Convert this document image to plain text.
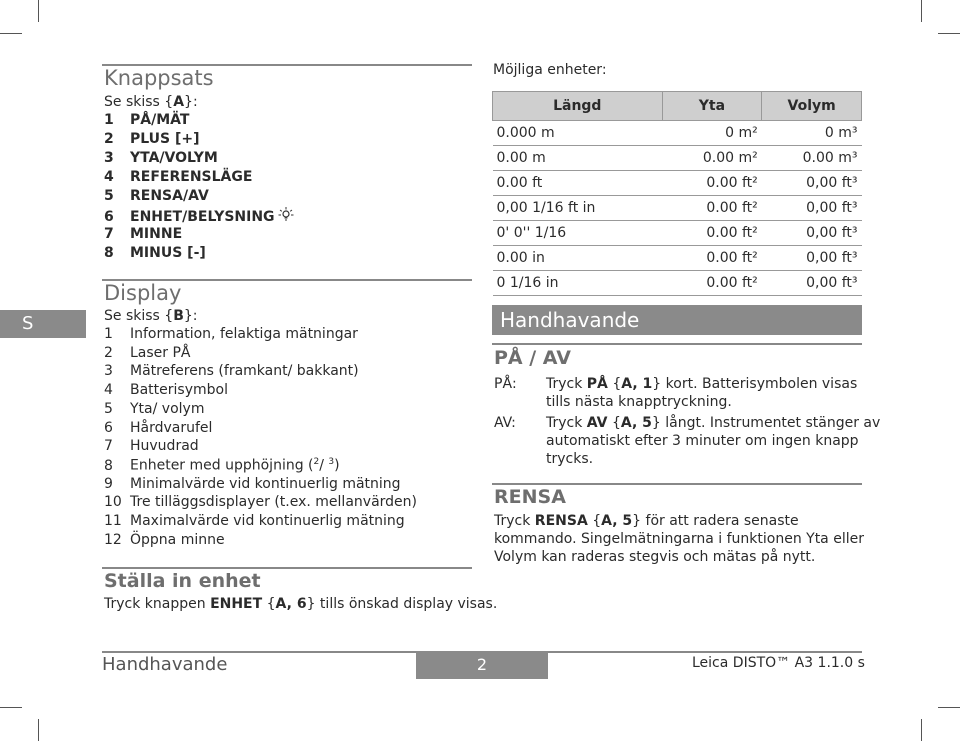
S
Knappsats
Se skiss {A}:
1 PÅ/MÄT
2 PLUS [+]
3 YTA/VOLYM
4 REFERENSLÄGE
5 RENSA/AV
6 ENHET/BELYSNING
7 MINNE
8 MINUS [-]
Display
Se skiss {B}:
1 Information, felaktiga mätningar
2 Laser PÅ
3 Mätreferens (framkant/ bakkant)
4 Batterisymbol
5 Yta/ volym
6 Hårdvarufel
7 Huvudrad
8 Enheter med upphöjning ($^2$/ $^3$)
9 Minimalvärde vid kontinuerlig mätning
10 Tre tilläggsdisplayer (t.ex. mellanvärden)
11 Maximalvärde vid kontinuerlig mätning
12 Öppna minne
Ställa in enhet
Tryck knappen ENHET {A, 6} tills önskad display visas.
Möjliga enheter:
Längd	Yta	Volym
0.000 m	0 m²	0 m³
0.00 m	0.00 m²	0.00 m³
0.00 ft	0.00 ft²	0,00 ft³
0,00 1/16 ft in	0.00 ft²	0,00 ft³
0' 0'' 1/16	0.00 ft²	0,00 ft³
0.00 in	0.00 ft²	0,00 ft³
0 1/16 in	0.00 ft²	0,00 ft³
Handhavande
PÅ / AV
PÅ: Tryck PÅ {A, 1} kort. Batterisymbolen visas
tills nästa knapptryckning.
AV: Tryck AV {A, 5} långt. Instrumentet stänger av
automatiskt efter 3 minuter om ingen knapp
trycks.
RENSA
Tryck RENSA {A, 5} för att radera senaste
kommando. Singelmätningarna i funktionen Yta eller
Volym kan raderas stegvis och mätas på nytt.
Handhavande	2	Leica DISTO™ A3 1.1.0 s
